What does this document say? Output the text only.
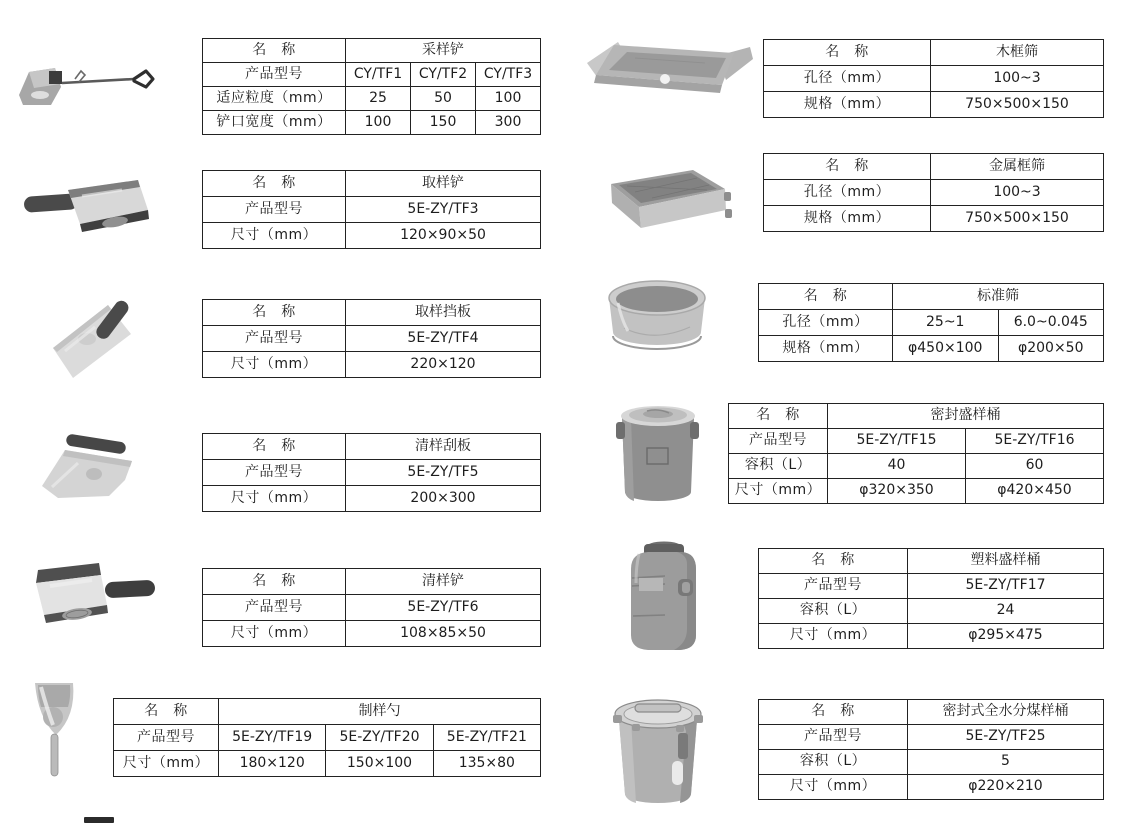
名　称	采样铲		
产品型号	CY/TF1	CY/TF2	CY/TF3
适应粒度（mm）	25	50	100
铲口宽度（mm）	100	150	300
名　称	取样铲
产品型号	5E-ZY/TF3
尺寸（mm）	120×90×50
名　称	取样挡板
产品型号	5E-ZY/TF4
尺寸（mm）	220×120
名　称	清样刮板
产品型号	5E-ZY/TF5
尺寸（mm）	200×300
名　称	清样铲
产品型号	5E-ZY/TF6
尺寸（mm）	108×85×50
名　称	制样勺		
产品型号	5E-ZY/TF19	5E-ZY/TF20	5E-ZY/TF21
尺寸（mm）	180×120	150×100	135×80
名　称	木框筛
孔径（mm）	100~3
规格（mm）	750×500×150
名　称	金属框筛
孔径（mm）	100~3
规格（mm）	750×500×150
名　称	标准筛	
孔径（mm）	25~1	6.0~0.045
规格（mm）	φ450×100	φ200×50
名　称	密封盛样桶	
产品型号	5E-ZY/TF15	5E-ZY/TF16
容积（L）	40	60
尺寸（mm）	φ320×350	φ420×450
名　称	塑料盛样桶
产品型号	5E-ZY/TF17
容积（L）	24
尺寸（mm）	φ295×475
名　称	密封式全水分煤样桶
产品型号	5E-ZY/TF25
容积（L）	5
尺寸（mm）	φ220×210
